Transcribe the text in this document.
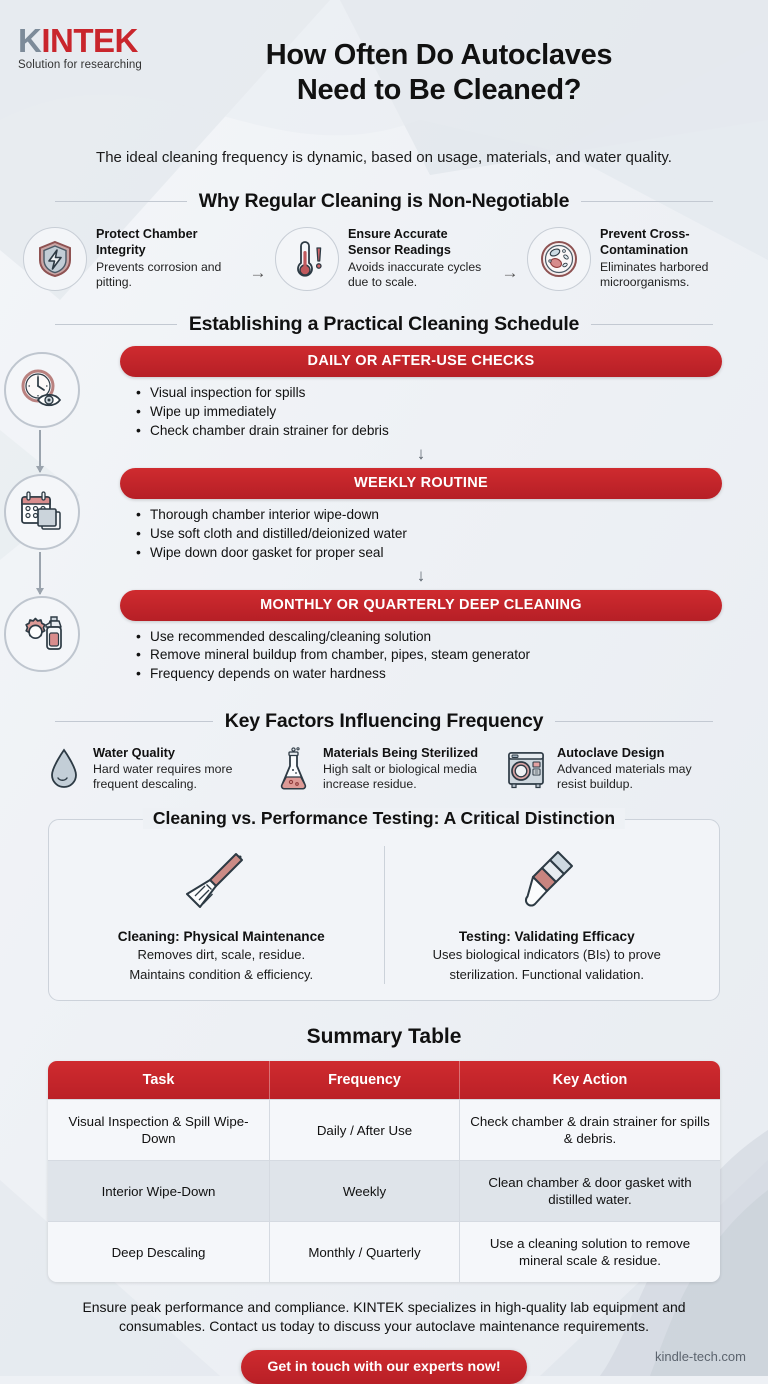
KINTEK
Solution for researching	How Often Do Autoclaves
Need to Be Cleaned?
The ideal cleaning frequency is dynamic, based on usage, materials, and water quality.
Why Regular Cleaning is Non-Negotiable
Protect Chamber Integrity

Prevents corrosion and pitting.

→
Ensure Accurate Sensor Readings

Avoids inaccurate cycles due to scale.

→
Prevent Cross-Contamination

Eliminates harbored microorganisms.

Establishing a Practical Cleaning Schedule
DAILY OR AFTER-USE CHECKS
• Visual inspection for spills
• Wipe up immediately
• Check chamber drain strainer for debris
↓
WEEKLY ROUTINE
• Thorough chamber interior wipe-down
• Use soft cloth and distilled/deionized water
• Wipe down door gasket for proper seal
↓
MONTHLY OR QUARTERLY DEEP CLEANING
• Use recommended descaling/cleaning solution
• Remove mineral buildup from chamber, pipes, steam generator
• Frequency depends on water hardness
Key Factors Influencing Frequency
Water Quality

Hard water requires more frequent descaling.

Materials Being Sterilized

High salt or biological media increase residue.

Autoclave Design

Advanced materials may resist buildup.

Cleaning vs. Performance Testing: A Critical Distinction
Cleaning: Physical Maintenance

Removes dirt, scale, residue.

Maintains condition & efficiency.

Testing: Validating Efficacy

Uses biological indicators (BIs) to prove

sterilization. Functional validation.

Summary Table
Task	Frequency	Key Action
Visual Inspection & Spill Wipe-Down	Daily / After Use	Check chamber & drain strainer for spills & debris.
Interior Wipe-Down	Weekly	Clean chamber & door gasket with distilled water.
Deep Descaling	Monthly / Quarterly	Use a cleaning solution to remove mineral scale & residue.
Ensure peak performance and compliance. KINTEK specializes in high-quality lab equipment and
consumables. Contact us today to discuss your autoclave maintenance requirements.
Get in touch with our experts now!
kindle-tech.com
